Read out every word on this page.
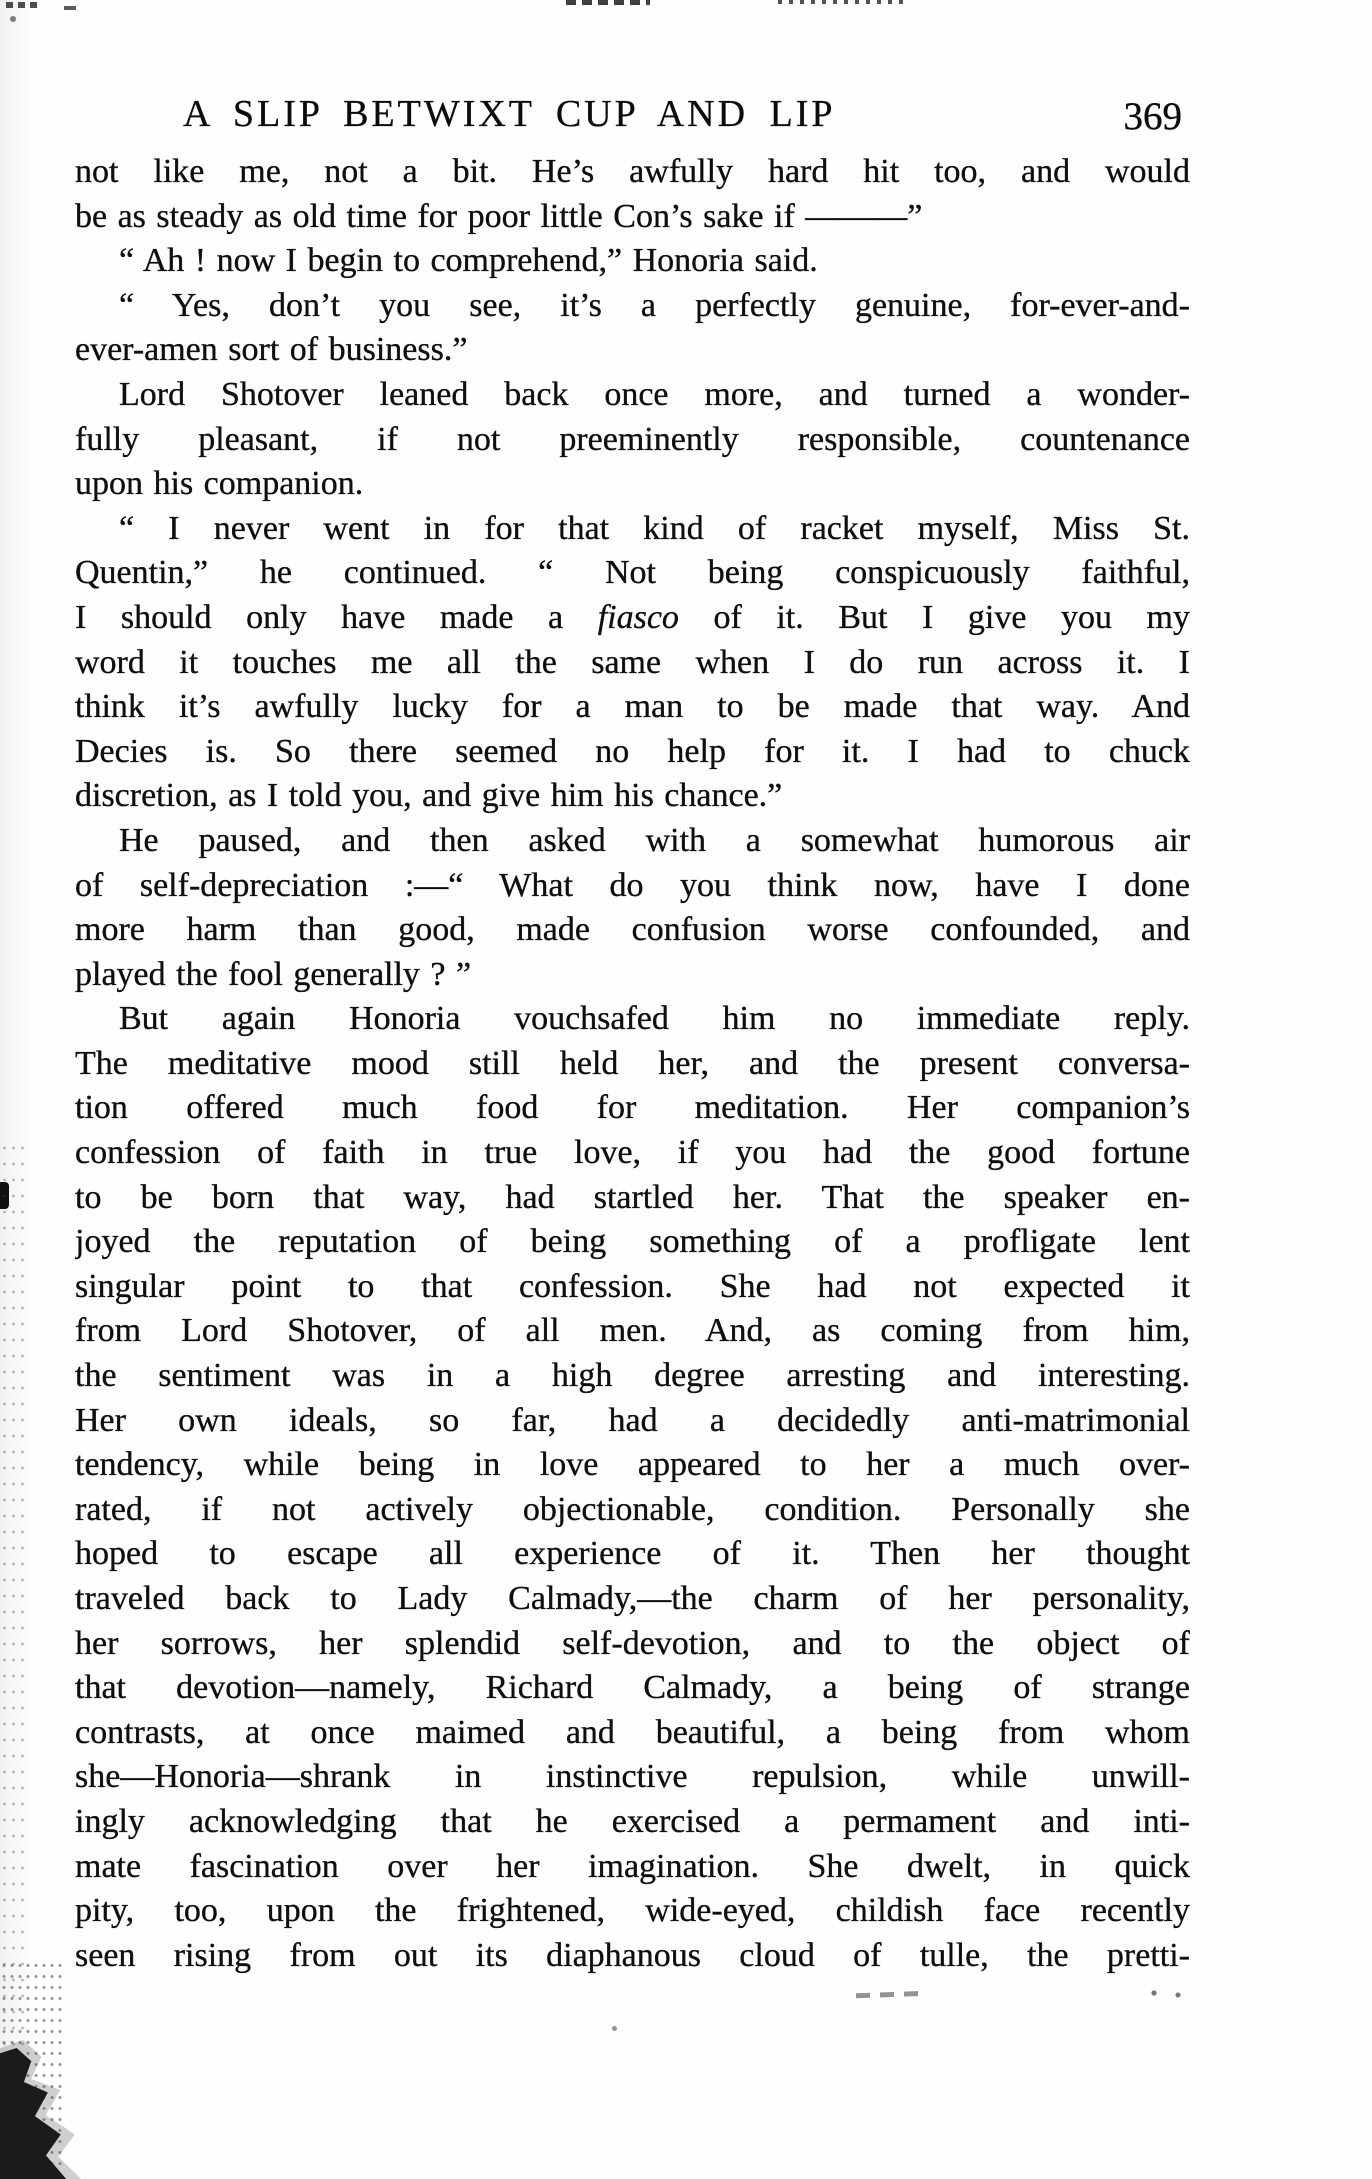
A SLIP BETWIXT CUP AND LIP	369
not like me, not a bit. He’s awfully hard hit too, and would
be as steady as old time for poor little Con’s sake if ———”
“ Ah ! now I begin to comprehend,” Honoria said.
“ Yes, don’t you see, it’s a perfectly genuine, for-ever-and-
ever-amen sort of business.”
Lord Shotover leaned back once more, and turned a wonder-
fully pleasant, if not preeminently responsible, countenance
upon his companion.
“ I never went in for that kind of racket myself, Miss St.
Quentin,” he continued. “ Not being conspicuously faithful,
I should only have made a fiasco of it. But I give you my
word it touches me all the same when I do run across it. I
think it’s awfully lucky for a man to be made that way. And
Decies is. So there seemed no help for it. I had to chuck
discretion, as I told you, and give him his chance.”
He paused, and then asked with a somewhat humorous air
of self-depreciation :—“ What do you think now, have I done
more harm than good, made confusion worse confounded, and
played the fool generally ? ”
But again Honoria vouchsafed him no immediate reply.
The meditative mood still held her, and the present conversa-
tion offered much food for meditation. Her companion’s
confession of faith in true love, if you had the good fortune
to be born that way, had startled her. That the speaker en-
joyed the reputation of being something of a profligate lent
singular point to that confession. She had not expected it
from Lord Shotover, of all men. And, as coming from him,
the sentiment was in a high degree arresting and interesting.
Her own ideals, so far, had a decidedly anti-matrimonial
tendency, while being in love appeared to her a much over-
rated, if not actively objectionable, condition. Personally she
hoped to escape all experience of it. Then her thought
traveled back to Lady Calmady,—the charm of her personality,
her sorrows, her splendid self-devotion, and to the object of
that devotion—namely, Richard Calmady, a being of strange
contrasts, at once maimed and beautiful, a being from whom
she—Honoria—shrank in instinctive repulsion, while unwill-
ingly acknowledging that he exercised a permament and inti-
mate fascination over her imagination. She dwelt, in quick
pity, too, upon the frightened, wide-eyed, childish face recently
seen rising from out its diaphanous cloud of tulle, the pretti-
